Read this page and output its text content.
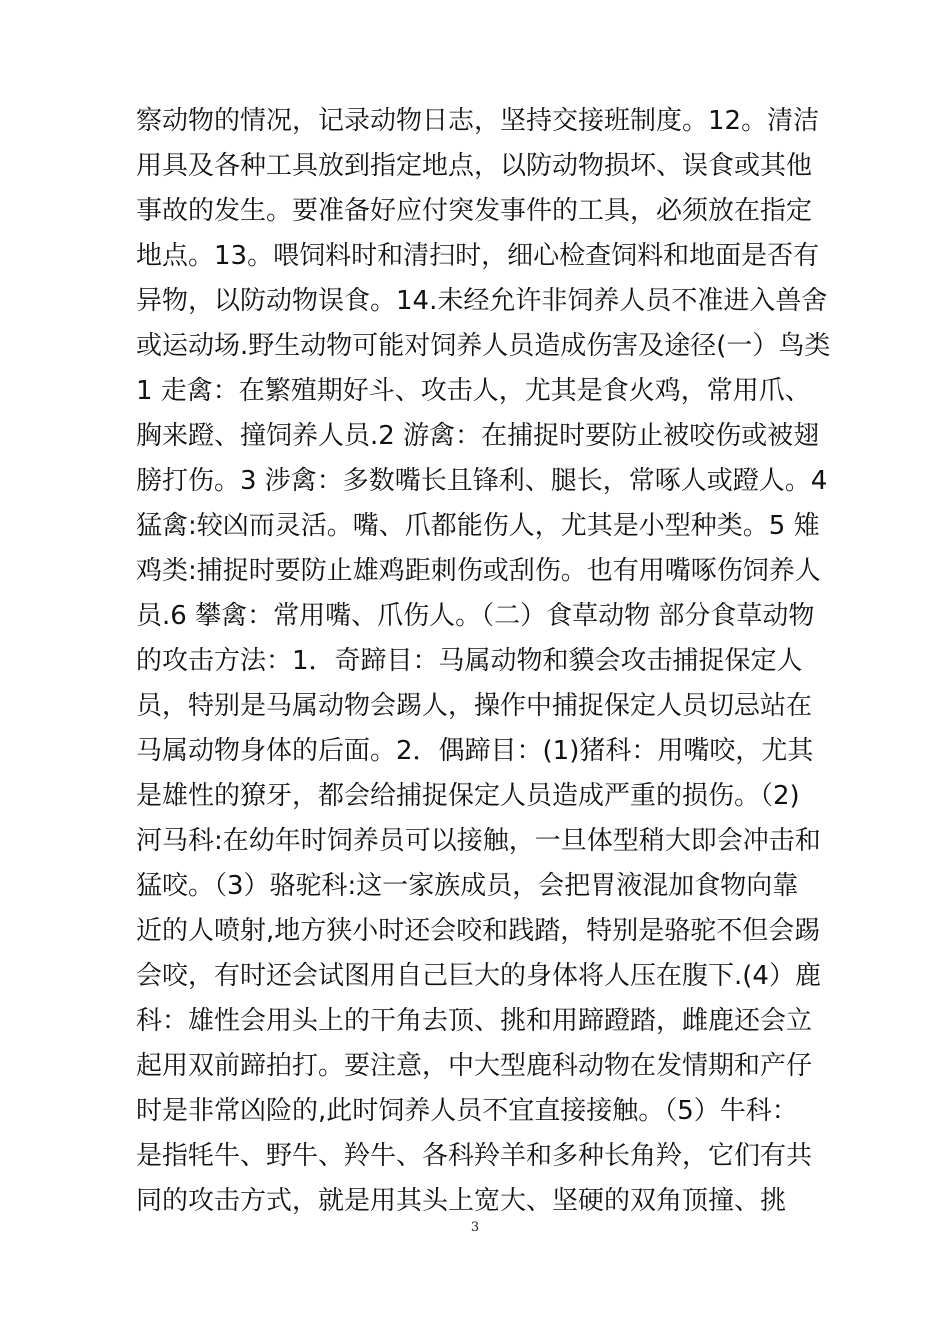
察动物的情况，记录动物日志，坚持交接班制度。12。清洁
用具及各种工具放到指定地点，以防动物损坏、误食或其他
事故的发生。要准备好应付突发事件的工具，必须放在指定
地点。13。喂饲料时和清扫时，细心检查饲料和地面是否有
异物，以防动物误食。14.未经允许非饲养人员不准进入兽舍
或运动场.野生动物可能对饲养人员造成伤害及途径(一）鸟类
1 走禽：在繁殖期好斗、攻击人，尤其是食火鸡，常用爪、
胸来蹬、撞饲养人员.2 游禽：在捕捉时要防止被咬伤或被翅
膀打伤。3 涉禽：多数嘴长且锋利、腿长，常啄人或蹬人。4
猛禽:较凶而灵活。嘴、爪都能伤人，尤其是小型种类。5 雉
鸡类:捕捉时要防止雄鸡距刺伤或刮伤。也有用嘴啄伤饲养人
员.6 攀禽：常用嘴、爪伤人。（二）食草动物 部分食草动物
的攻击方法：1．奇蹄目：马属动物和貘会攻击捕捉保定人
员，特别是马属动物会踢人，操作中捕捉保定人员切忌站在
马属动物身体的后面。2．偶蹄目：(1)猪科：用嘴咬，尤其
是雄性的獠牙，都会给捕捉保定人员造成严重的损伤。（2)
河马科:在幼年时饲养员可以接触，一旦体型稍大即会冲击和
猛咬。（3）骆驼科:这一家族成员，会把胃液混加食物向靠
近的人喷射,地方狭小时还会咬和践踏，特别是骆驼不但会踢
会咬，有时还会试图用自己巨大的身体将人压在腹下.(4）鹿
科：雄性会用头上的干角去顶、挑和用蹄蹬踏，雌鹿还会立
起用双前蹄拍打。要注意，中大型鹿科动物在发情期和产仔
时是非常凶险的,此时饲养人员不宜直接接触。（5）牛科：
是指牦牛、野牛、羚牛、各科羚羊和多种长角羚，它们有共
同的攻击方式，就是用其头上宽大、坚硬的双角顶撞、挑
3
